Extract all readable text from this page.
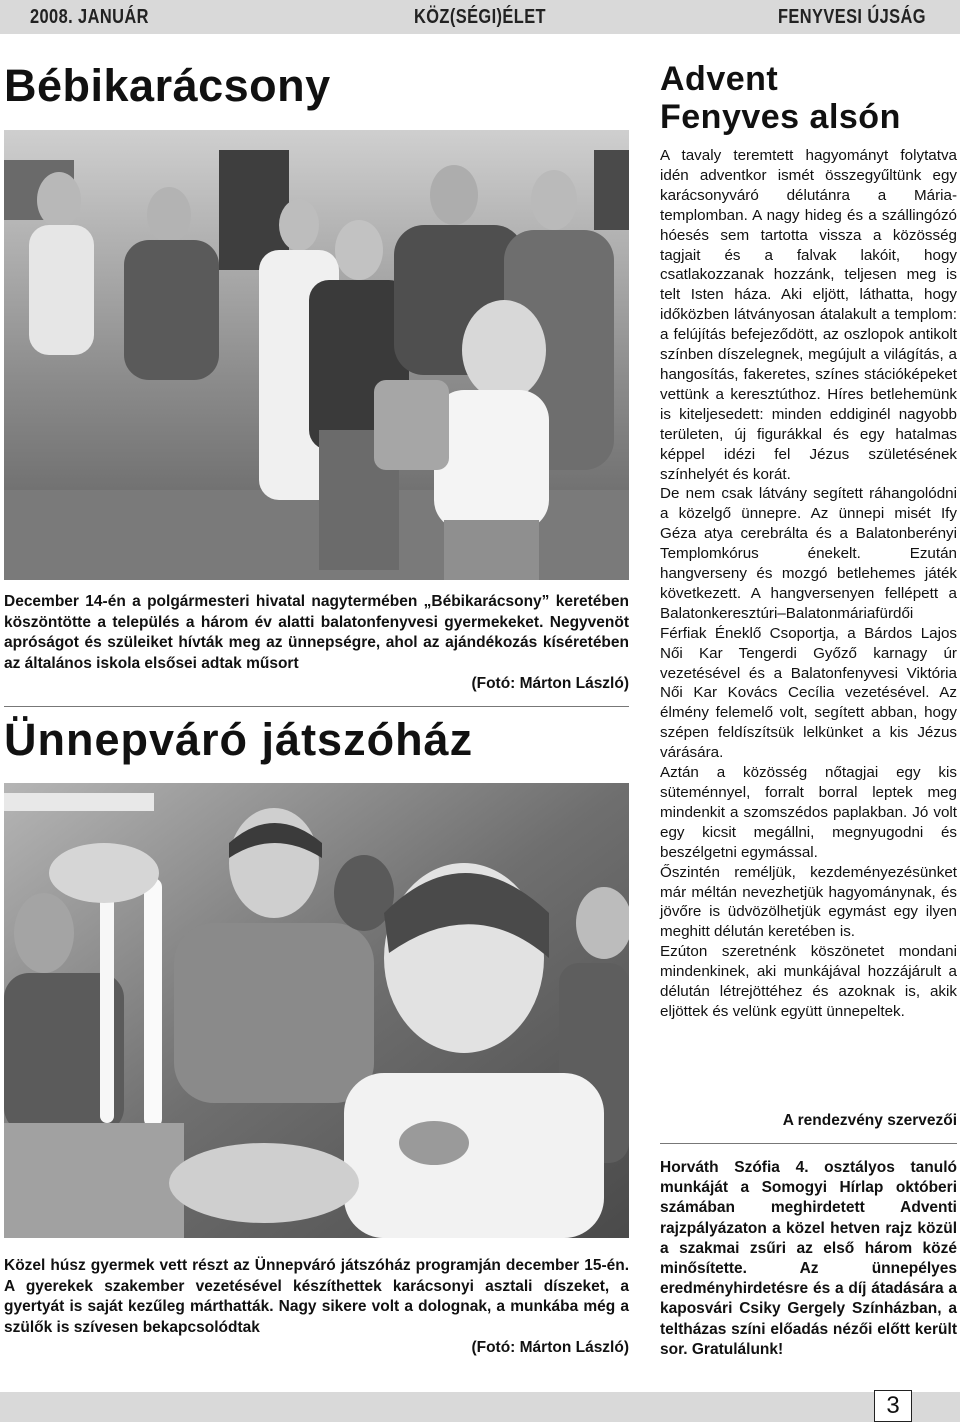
2008. JANUÁR	KÖZ(SÉGI)ÉLET	FENYVESI ÚJSÁG
Bébikarácsony

December 14-én a polgármesteri hivatal nagytermében „Bébikarácsony” keretében köszöntötte a település a három év alatti balatonfenyvesi gyermekeket. Negyvenöt apróságot és szüleiket hívták meg az ünnepségre, ahol az ajándékozás kíséretében az általános iskola elsősei adtak műsort
(Fotó: Márton László)

Ünnepváró játszóház

Közel húsz gyermek vett részt az Ünnepváró játszóház programján december 15-én. A gyerekek szakember vezetésével készíthettek karácsonyi asztali díszeket, a gyertyát is saját kezűleg márthatták. Nagy sikere volt a dolognak, a munkába még a szülők is szívesen bekapcsolódtak
(Fotó: Márton László)

Advent
Fenyves alsón

A tavaly teremtett hagyományt folytatva idén adventkor ismét összegyűltünk egy karácsonyváró délutánra a Mária-templomban. A nagy hideg és a szállingózó hóesés sem tartotta vissza a közösség tagjait és a falvak lakóit, hogy csatlakozzanak hozzánk, teljesen meg is telt Isten háza. Aki eljött, láthatta, hogy időközben látványosan átalakult a templom: a felújítás befejeződött, az oszlopok antikolt színben díszelegnek, megújult a világítás, a hangosítás, fakeretes, színes stációképeket vettünk a keresztúthoz. Híres betlehemünk is kiteljesedett: minden eddiginél nagyobb területen, új figurákkal és egy hatalmas képpel idézi fel Jézus születésének színhelyét és korát.

De nem csak látvány segített ráhangolódni a közelgő ünnepre. Az ünnepi misét Ify Géza atya cerebrálta és a Balatonberényi Templomkórus énekelt. Ezután hangverseny és mozgó betlehemes játék következett. A hangversenyen fellépett a Balatonkeresztúri–Balatonmáriafürdői Férfiak Éneklő Csoportja, a Bárdos Lajos Női Kar Tengerdi Győző karnagy úr vezetésével és a Balatonfenyvesi Viktória Női Kar Kovács Cecília vezetésével. Az élmény felemelő volt, segített abban, hogy szépen feldíszítsük lelkünket a kis Jézus várására.

Aztán a közösség nőtagjai egy kis süteménnyel, forralt borral leptek meg mindenkit a szomszédos paplakban. Jó volt egy kicsit megállni, megnyugodni és beszélgetni egymással.

Őszintén reméljük, kezdeményezésünket már méltán nevezhetjük hagyománynak, és jövőre is üdvözölhetjük egymást egy ilyen meghitt délután keretében is.

Ezúton szeretnénk köszönetet mondani mindenkinek, aki munkájával hozzájárult a délután létrejöttéhez és azoknak is, akik eljöttek és velünk együtt ünnepeltek.

A rendezvény szervezői

Horváth Szófia 4. osztályos tanuló munkáját a Somogyi Hírlap októberi számában meghirdetett Adventi rajzpályázaton a közel hetven rajz közül a szakmai zsűri az első három közé minősítette. Az ünnepélyes eredményhirdetésre és a díj átadására a kaposvári Csiky Gergely Színházban, a teltházas színi előadás nézői előtt került sor. Gratulálunk!

3
